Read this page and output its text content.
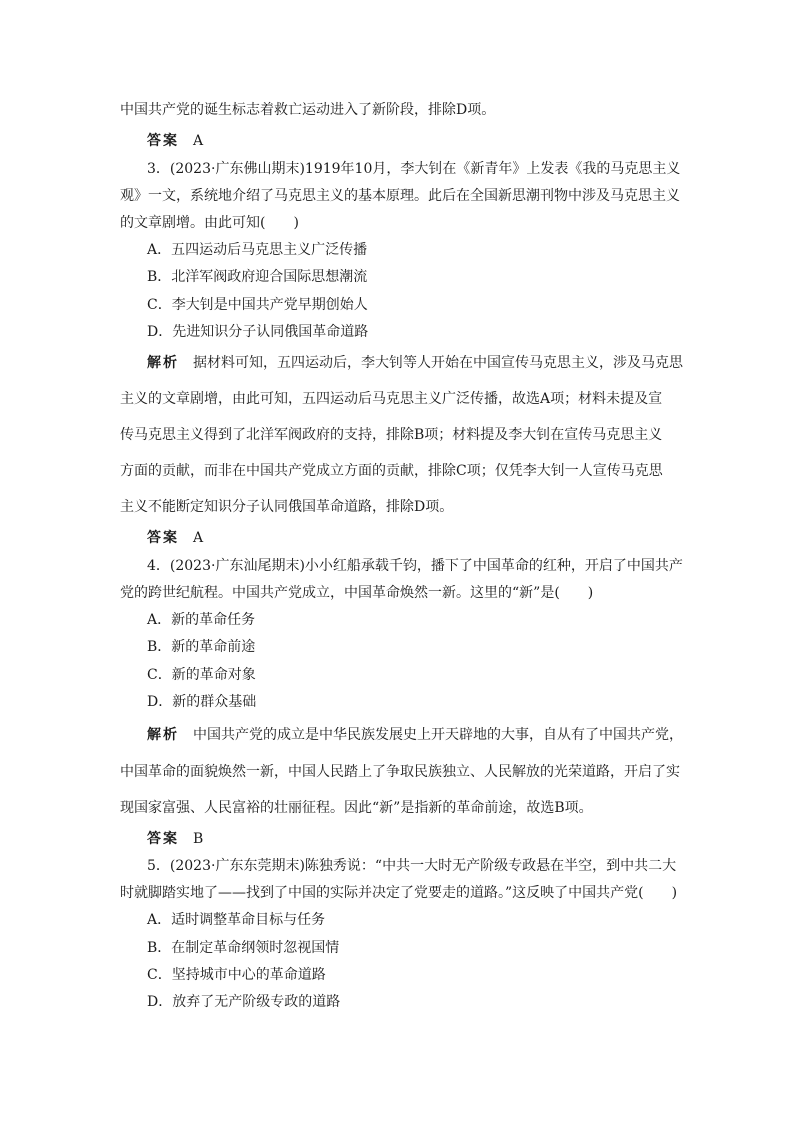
中国共产党的诞生标志着救亡运动进入了新阶段，排除D项。
答案 A
3．(2023·广东佛山期末)1919年10月，李大钊在《新青年》上发表《我的马克思主义
观》一文，系统地介绍了马克思主义的基本原理。此后在全国新思潮刊物中涉及马克思主义
的文章剧增。由此可知(　　)
A．五四运动后马克思主义广泛传播
B．北洋军阀政府迎合国际思想潮流
C．李大钊是中国共产党早期创始人
D．先进知识分子认同俄国革命道路
解析 据材料可知，五四运动后，李大钊等人开始在中国宣传马克思主义，涉及马克思
主义的文章剧增，由此可知，五四运动后马克思主义广泛传播，故选A项；材料未提及宣
传马克思主义得到了北洋军阀政府的支持，排除B项；材料提及李大钊在宣传马克思主义
方面的贡献，而非在中国共产党成立方面的贡献，排除C项；仅凭李大钊一人宣传马克思
主义不能断定知识分子认同俄国革命道路，排除D项。
答案 A
4．(2023·广东汕尾期末)小小红船承载千钧，播下了中国革命的红种，开启了中国共产
党的跨世纪航程。中国共产党成立，中国革命焕然一新。这里的“新”是(　　)
A．新的革命任务
B．新的革命前途
C．新的革命对象
D．新的群众基础
解析 中国共产党的成立是中华民族发展史上开天辟地的大事，自从有了中国共产党，
中国革命的面貌焕然一新，中国人民踏上了争取民族独立、人民解放的光荣道路，开启了实
现国家富强、人民富裕的壮丽征程。因此“新”是指新的革命前途，故选B项。
答案 B
5．(2023·广东东莞期末)陈独秀说：“中共一大时无产阶级专政悬在半空，到中共二大
时就脚踏实地了——找到了中国的实际并决定了党要走的道路。”这反映了中国共产党(　　)
A．适时调整革命目标与任务
B．在制定革命纲领时忽视国情
C．坚持城市中心的革命道路
D．放弃了无产阶级专政的道路
